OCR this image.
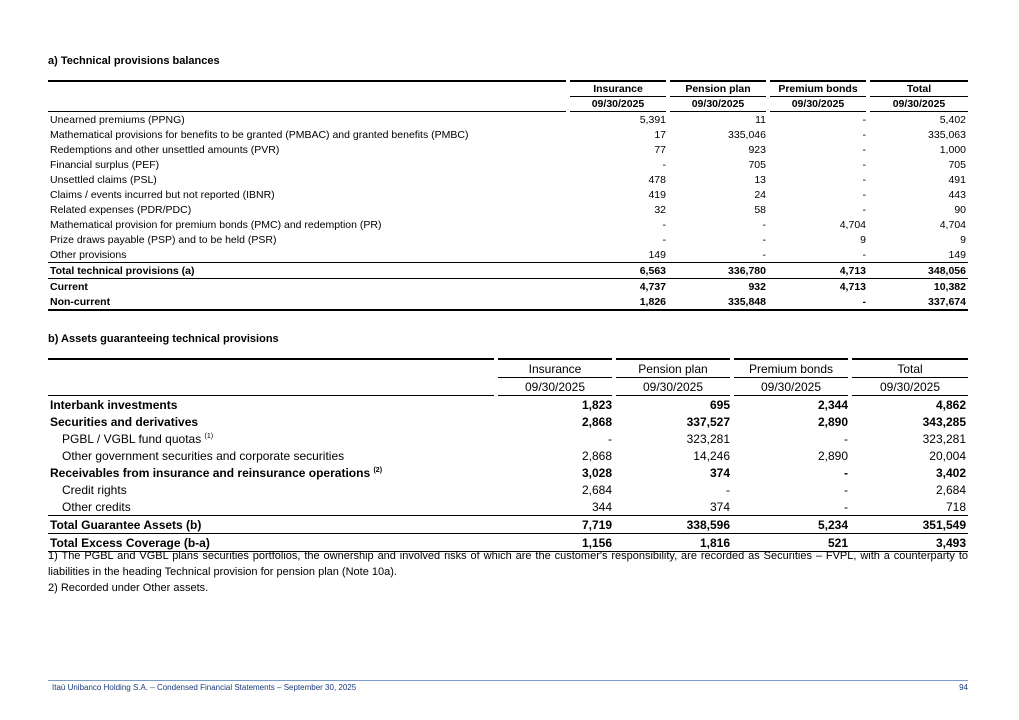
a) Technical provisions balances
	Insurance	Pension plan	Premium bonds	Total
	09/30/2025	09/30/2025	09/30/2025	09/30/2025
Unearned premiums (PPNG)	5,391	11	-	5,402
Mathematical provisions for benefits to be granted (PMBAC) and granted benefits (PMBC)	17	335,046	-	335,063
Redemptions and other unsettled amounts (PVR)	77	923	-	1,000
Financial surplus (PEF)	-	705	-	705
Unsettled claims (PSL)	478	13	-	491
Claims / events incurred but not reported (IBNR)	419	24	-	443
Related expenses (PDR/PDC)	32	58	-	90
Mathematical provision for premium bonds (PMC) and redemption (PR)	-	-	4,704	4,704
Prize draws payable (PSP) and to be held (PSR)	-	-	9	9
Other provisions	149	-	-	149
Total technical provisions (a)	6,563	336,780	4,713	348,056
Current	4,737	932	4,713	10,382
Non-current	1,826	335,848	-	337,674
b) Assets guaranteeing technical provisions
	Insurance	Pension plan	Premium bonds	Total
	09/30/2025	09/30/2025	09/30/2025	09/30/2025
Interbank investments	1,823	695	2,344	4,862
Securities and derivatives	2,868	337,527	2,890	343,285
PGBL / VGBL fund quotas $^{(1)}$	-	323,281	-	323,281
Other government securities and corporate securities	2,868	14,246	2,890	20,004
Receivables from insurance and reinsurance operations $^{(2)}$	3,028	374	-	3,402
Credit rights	2,684	-	-	2,684
Other credits	344	374	-	718
Total Guarantee Assets (b)	7,719	338,596	5,234	351,549
Total Excess Coverage (b-a)	1,156	1,816	521	3,493
1) The PGBL and VGBL plans securities portfolios, the ownership and involved risks of which are the customer's responsibility, are recorded as Securities – FVPL, with a counterparty to liabilities in the heading Technical provision for pension plan (Note 10a).
2) Recorded under Other assets.
Itaú Unibanco Holding S.A. – Condensed Financial Statements – September 30, 2025	94
